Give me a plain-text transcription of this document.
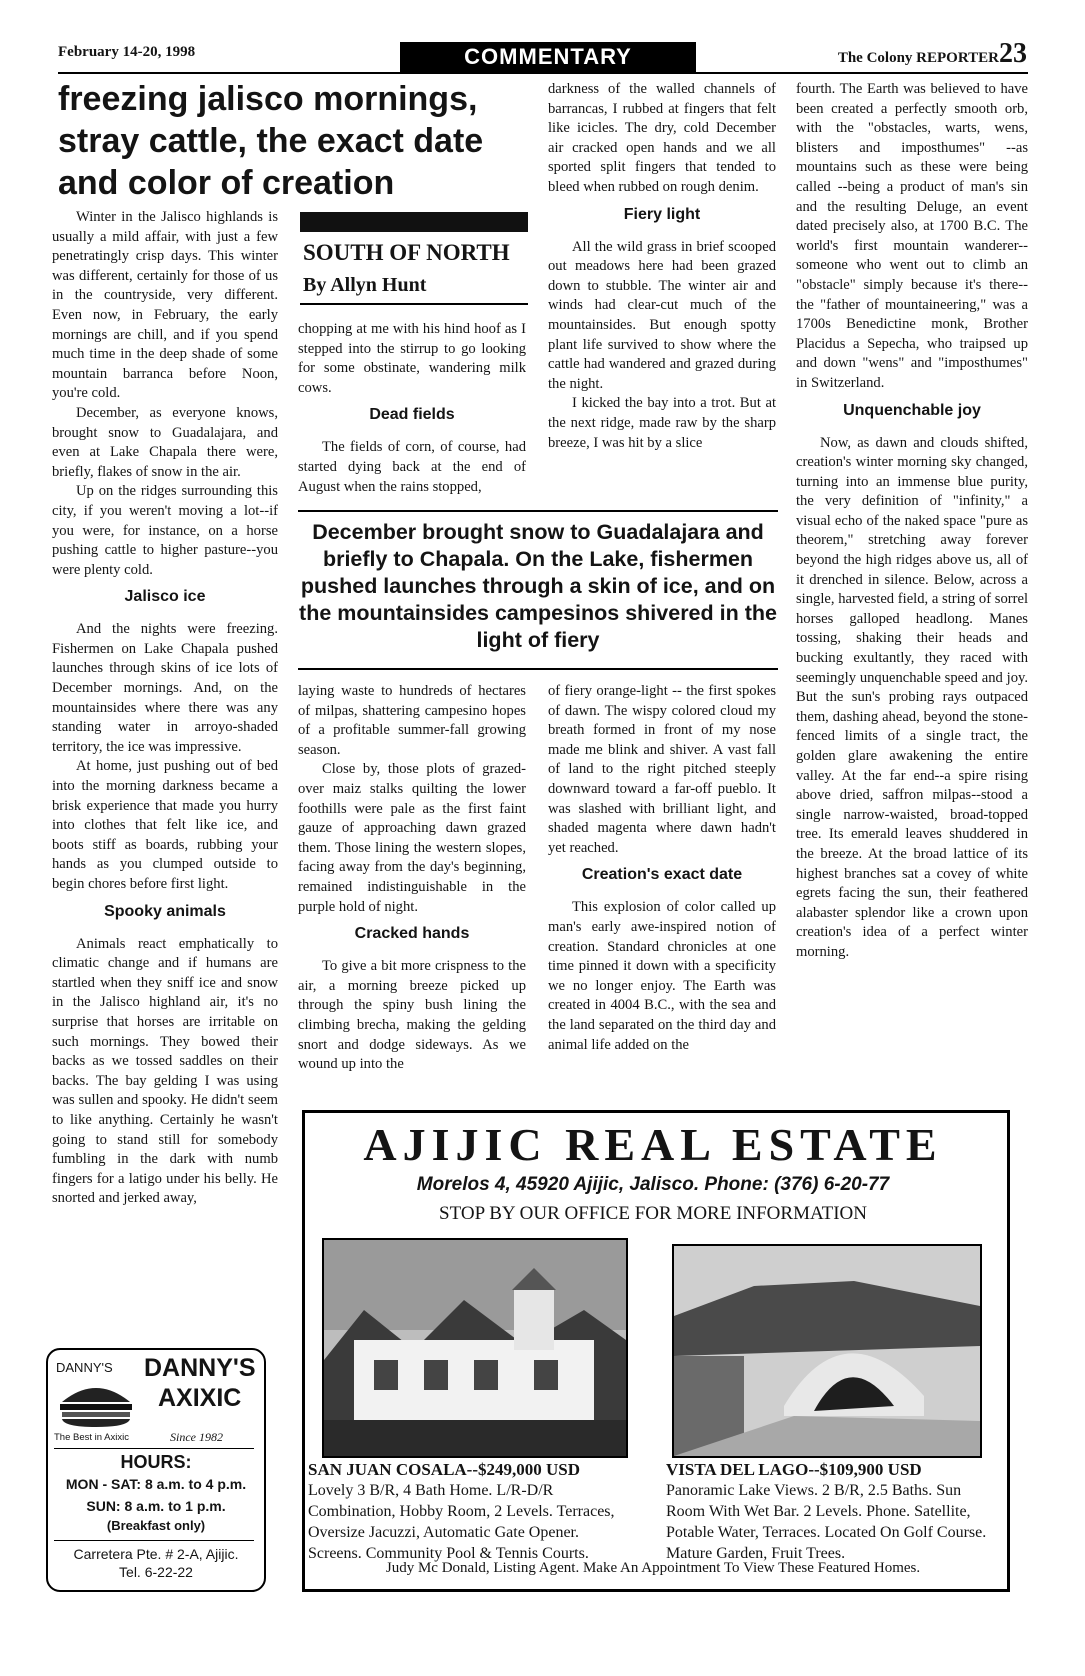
February 14-20, 1998	COMMENTARY	The Colony REPORTER23
freezing jalisco mornings, stray cattle, the exact date and color of creation

Winter in the Jalisco highlands is usually a mild affair, with just a few penetratingly crisp days. This winter was different, certainly for those of us in the countryside, very different. Even now, in February, the early mornings are chill, and if you spend much time in the deep shade of some mountain barranca before Noon, you're cold.

December, as everyone knows, brought snow to Guadalajara, and even at Lake Chapala there were, briefly, flakes of snow in the air.

Up on the ridges surrounding this city, if you weren't moving a lot--if you were, for instance, on a horse pushing cattle to higher pasture--you were plenty cold.

Jalisco ice

And the nights were freezing. Fishermen on Lake Chapala pushed launches through skins of ice lots of December mornings. And, on the mountainsides where there was any standing water in arroyo-shaded territory, the ice was impressive.

At home, just pushing out of bed into the morning darkness became a brisk experience that made you hurry into clothes that felt like ice, and boots stiff as boards, rubbing your hands as you clumped outside to begin chores before first light.

Spooky animals

Animals react emphatically to climatic change and if humans are startled when they sniff ice and snow in the Jalisco highland air, it's no surprise that horses are irritable on such mornings. They bowed their backs as we tossed saddles on their backs. The bay gelding I was using was sullen and spooky. He didn't seem to like anything. Certainly he wasn't going to stand still for somebody fumbling in the dark with numb fingers for a latigo under his belly. He snorted and jerked away,

SOUTH OF NORTH
By Allyn Hunt

chopping at me with his hind hoof as I stepped into the stirrup to go looking for some obstinate, wandering milk cows.

Dead fields

The fields of corn, of course, had started dying back at the end of August when the rains stopped,

darkness of the walled channels of barrancas, I rubbed at fingers that felt like icicles. The dry, cold December air cracked open hands and we all sported split fingers that tended to bleed when rubbed on rough denim.

Fiery light

All the wild grass in brief scooped out meadows here had been grazed down to stubble. The winter air and winds had clear-cut much of the mountainsides. But enough spotty plant life survived to show where the cattle had wandered and grazed during the night.

I kicked the bay into a trot. But at the next ridge, made raw by the sharp breeze, I was hit by a slice

December brought snow to Guadalajara and briefly to Chapala. On the Lake, fishermen pushed launches through a skin of ice, and on the mountainsides campesinos shivered in the light of fiery

laying waste to hundreds of hectares of milpas, shattering campesino hopes of a profitable summer-fall growing season.

Close by, those plots of grazed-over maiz stalks quilting the lower foothills were pale as the first faint gauze of approaching dawn grazed them. Those lining the western slopes, facing away from the day's beginning, remained indistinguishable in the purple hold of night.

Cracked hands

To give a bit more crispness to the air, a morning breeze picked up through the spiny bush lining the climbing brecha, making the gelding snort and dodge sideways. As we wound up into the

of fiery orange-light -- the first spokes of dawn. The wispy colored cloud my breath formed in front of my nose made me blink and shiver. A vast fall of land to the right pitched steeply downward toward a far-off pueblo. It was slashed with brilliant light, and shaded magenta where dawn hadn't yet reached.

Creation's exact date

This explosion of color called up man's early awe-inspired notion of creation. Standard chronicles at one time pinned it down with a specificity we no longer enjoy. The Earth was created in 4004 B.C., with the sea and the land separated on the third day and animal life added on the

fourth. The Earth was believed to have been created a perfectly smooth orb, with the "obstacles, warts, wens, blisters and imposthumes" --as mountains such as these were being called --being a product of man's sin and the resulting Deluge, an event dated precisely also, at 1700 B.C. The world's first mountain wanderer--someone who went out to climb an "obstacle" simply because it's there--the "father of mountaineering," was a 1700s Benedictine monk, Brother Placidus a Sepecha, who traipsed up and down "wens" and "imposthumes" in Switzerland.

Unquenchable joy

Now, as dawn and clouds shifted, creation's winter morning sky changed, turning into an immense blue purity, the very definition of "infinity," a visual echo of the naked space "pure as theorem," stretching away forever beyond the high ridges above us, all of it drenched in silence. Below, across a single, harvested field, a string of sorrel horses galloped headlong. Manes tossing, shaking their heads and bucking exultantly, they raced with seemingly unquenchable speed and joy. But the sun's probing rays outpaced them, dashing ahead, beyond the stone-fenced limits of a single tract, the golden glare awakening the entire valley. At the far end--a spire rising above dried, saffron milpas--stood a single narrow-waisted, broad-topped tree. Its emerald leaves shuddered in the breeze. At the broad lattice of its highest branches sat a covey of white egrets facing the sun, their feathered alabaster splendor like a crown upon creation's idea of a perfect winter morning.

AJIJIC REAL ESTATE
Morelos 4, 45920 Ajijic, Jalisco. Phone: (376) 6-20-77
STOP BY OUR OFFICE FOR MORE INFORMATION
SAN JUAN COSALA--$249,000 USD
Lovely 3 B/R, 4 Bath Home. L/R-D/R Combination, Hobby Room, 2 Levels. Terraces, Oversize Jacuzzi, Automatic Gate Opener. Screens. Community Pool & Tennis Courts.
VISTA DEL LAGO--$109,900 USD
Panoramic Lake Views. 2 B/R, 2.5 Baths. Sun Room With Wet Bar. 2 Levels. Phone. Satellite, Potable Water, Terraces. Located On Golf Course. Mature Garden, Fruit Trees.
Judy Mc Donald, Listing Agent. Make An Appointment To View These Featured Homes.
DANNY'S DANNY'S
AXIXIC
The Best in Axixic	Since 1982
HOURS:
MON - SAT: 8 a.m. to 4 p.m.
SUN: 8 a.m. to 1 p.m.
(Breakfast only)
Carretera Pte. # 2-A, Ajijic.
Tel. 6-22-22
